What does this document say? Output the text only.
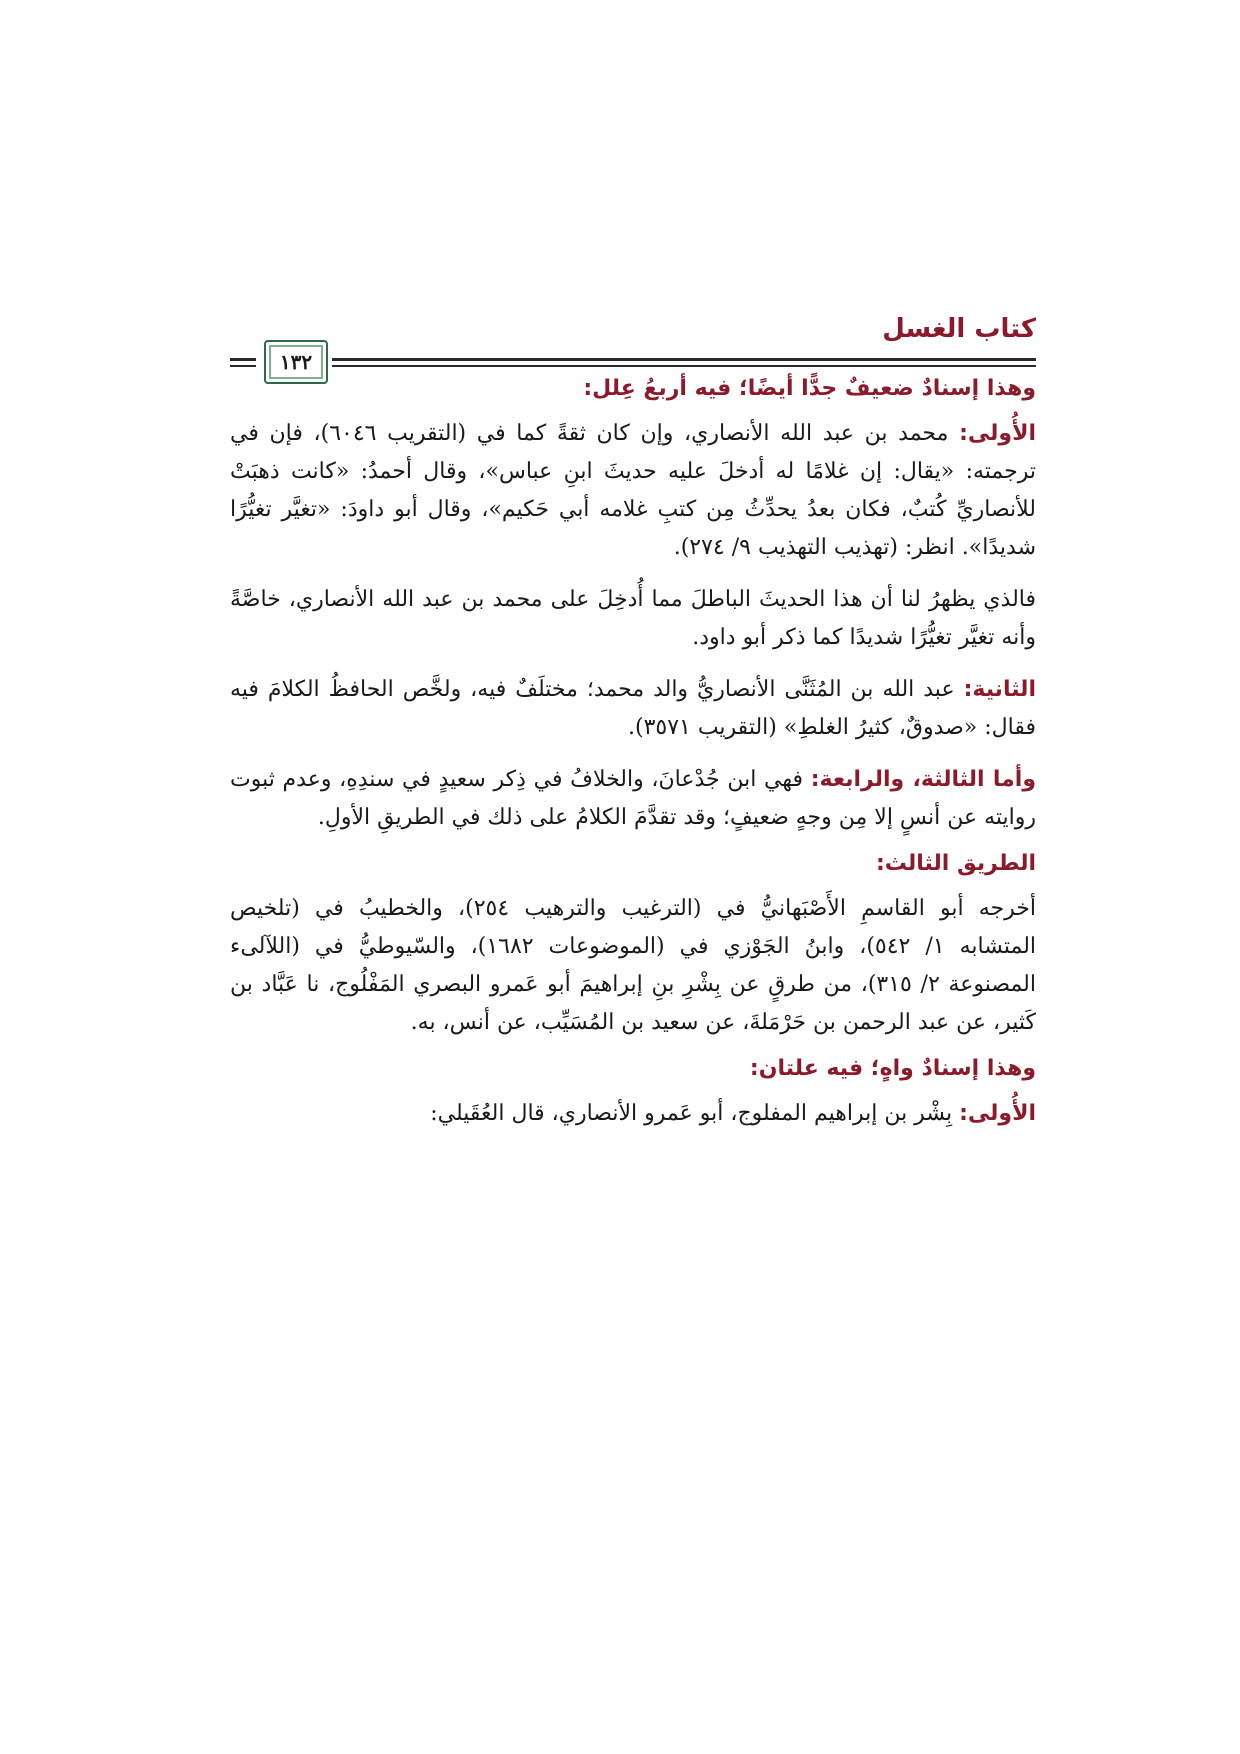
كتاب الغسل
١٣٢

وهذا إسنادٌ ضعيفٌ جدًّا أيضًا؛ فيه أربعُ عِلل:

الأُولى: محمد بن عبد الله الأنصاري، وإن كان ثقةً كما في (التقريب ٦٠٤٦)، فإن في ترجمته: «يقال: إن غلامًا له أدخلَ عليه حديثَ ابنِ عباس»، وقال أحمدُ: «كانت ذهبَتْ للأنصاريِّ كُتبٌ، فكان بعدُ يحدِّثُ مِن كتبِ غلامه أبي حَكيم»، وقال أبو داودَ: «تغيَّر تغيُّرًا شديدًا». انظر: (تهذيب التهذيب ٩/ ٢٧٤).

فالذي يظهرُ لنا أن هذا الحديثَ الباطلَ مما أُدخِلَ على محمد بن عبد الله الأنصاري، خاصَّةً وأنه تغيَّر تغيُّرًا شديدًا كما ذكر أبو داود.

الثانية: عبد الله بن المُثَنَّى الأنصاريُّ والد محمد؛ مختلَفٌ فيه، ولخَّص الحافظُ الكلامَ فيه فقال: «صدوقٌ، كثيرُ الغلطِ» (التقريب ٣٥٧١).

وأما الثالثة، والرابعة: فهي ابن جُدْعانَ، والخلافُ في ذِكر سعيدٍ في سندِهِ، وعدم ثبوت روايته عن أنسٍ إلا مِن وجهٍ ضعيفٍ؛ وقد تقدَّمَ الكلامُ على ذلك في الطريقِ الأولِ.

الطريق الثالث:

أخرجه أبو القاسمِ الأَصْبَهانيُّ في (الترغيب والترهيب ٢٥٤)، والخطيبُ في (تلخيص المتشابه ١/ ٥٤٢)، وابنُ الجَوْزي في (الموضوعات ١٦٨٢)، والسّيوطيُّ في (اللآلىء المصنوعة ٢/ ٣١٥)، من طرقٍ عن بِشْرِ بنِ إبراهيمَ أبو عَمرو البصري المَفْلُوج، نا عَبَّاد بن كَثير، عن عبد الرحمن بن حَرْمَلةَ، عن سعيد بن المُسَيِّب، عن أنس، به.

وهذا إسنادٌ واهٍ؛ فيه علتان:

الأُولى: بِشْر بن إبراهيم المفلوج، أبو عَمرو الأنصاري، قال العُقَيلي:
